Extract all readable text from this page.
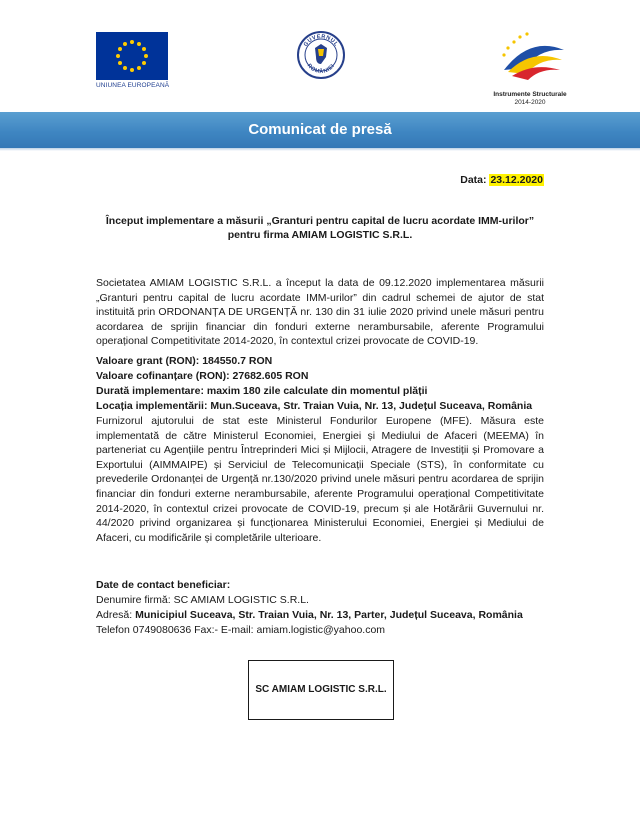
UNIUNEA EUROPEANĂ
GUVERNUL
ROMÂNIEI
Instrumente Structurale
2014-2020
Comunicat de presă
Data: 23.12.2020
Început implementare a măsurii „Granturi pentru capital de lucru acordate IMM-urilor” pentru firma AMIAM LOGISTIC S.R.L.
Societatea AMIAM LOGISTIC S.R.L. a început la data de 09.12.2020 implementarea măsurii „Granturi pentru capital de lucru acordate IMM-urilor” din cadrul schemei de ajutor de stat instituită prin ORDONANȚA DE URGENȚĂ nr. 130 din 31 iulie 2020 privind unele măsuri pentru acordarea de sprijin financiar din fonduri externe nerambursabile, aferente Programului operațional Competitivitate 2014-2020, în contextul crizei provocate de COVID-19.
Valoare grant (RON): 184550.7 RON
Valoare cofinanțare (RON): 27682.605 RON
Durată implementare: maxim 180 zile calculate din momentul plății
Locația implementării: Mun.Suceava, Str. Traian Vuia, Nr. 13, Județul Suceava, România
Furnizorul ajutorului de stat este Ministerul Fondurilor Europene (MFE). Măsura este implementată de către Ministerul Economiei, Energiei și Mediului de Afaceri (MEEMA) în parteneriat cu Agențiile pentru Întreprinderi Mici și Mijlocii, Atragere de Investiții și Promovare a Exportului (AIMMAIPE) și Serviciul de Telecomunicații Speciale (STS), în conformitate cu prevederile Ordonanței de Urgență nr.130/2020 privind unele măsuri pentru acordarea de sprijin financiar din fonduri externe nerambursabile, aferente Programului operațional Competitivitate 2014-2020, în contextul crizei provocate de COVID-19, precum și ale Hotărârii Guvernului nr. 44/2020 privind organizarea și funcționarea Ministerului Economiei, Energiei și Mediului de Afaceri, cu modificările și completările ulterioare.
Date de contact beneficiar:
Denumire firmă: SC AMIAM LOGISTIC S.R.L.
Adresă: Municipiul Suceava, Str. Traian Vuia, Nr. 13, Parter, Județul Suceava, România
Telefon 0749080636 Fax:- E-mail: amiam.logistic@yahoo.com
SC AMIAM LOGISTIC S.R.L.
